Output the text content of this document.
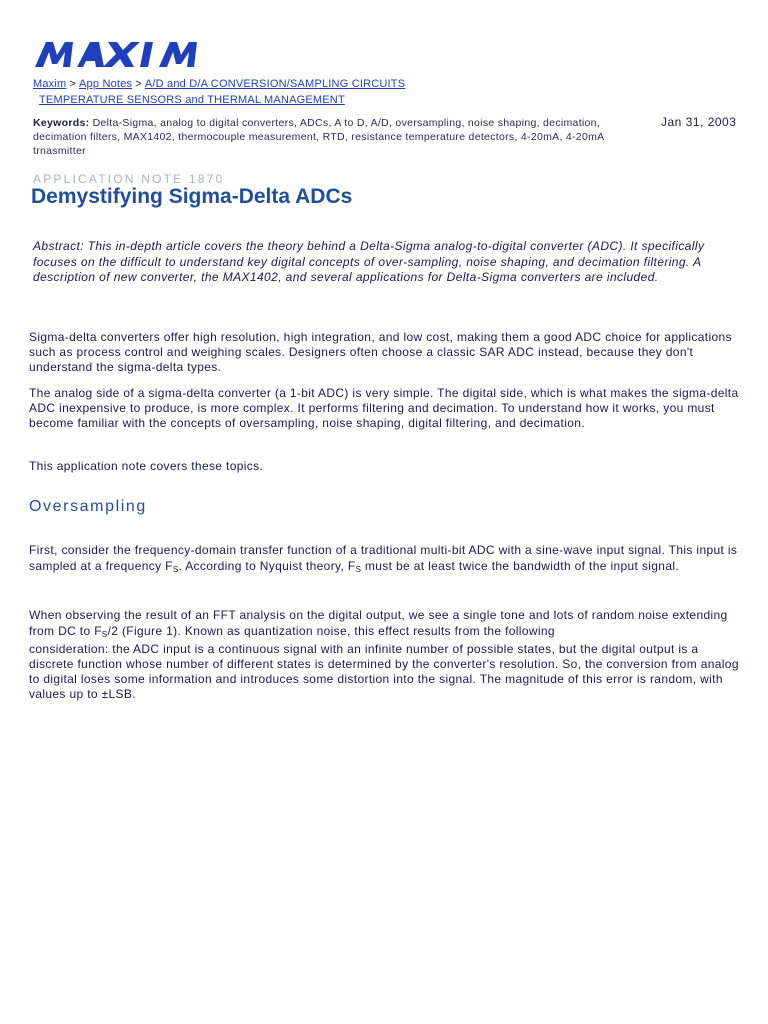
Maxim > App Notes > A/D and D/A CONVERSION/SAMPLING CIRCUITS
TEMPERATURE SENSORS and THERMAL MANAGEMENT
Keywords: Delta-Sigma, analog to digital converters, ADCs, A to D, A/D, oversampling, noise shaping, decimation, decimation filters, MAX1402, thermocouple measurement, RTD, resistance temperature detectors, 4-20mA, 4-20mA trnasmitter
Jan 31, 2003
APPLICATION NOTE 1870
Demystifying Sigma-Delta ADCs
Abstract: This in-depth article covers the theory behind a Delta-Sigma analog-to-digital converter (ADC). It specifically focuses on the difficult to understand key digital concepts of over-sampling, noise shaping, and decimation filtering. A description of new converter, the MAX1402, and several applications for Delta-Sigma converters are included.

Sigma-delta converters offer high resolution, high integration, and low cost, making them a good ADC choice for applications such as process control and weighing scales. Designers often choose a classic SAR ADC instead, because they don't understand the sigma-delta types.

The analog side of a sigma-delta converter (a 1-bit ADC) is very simple. The digital side, which is what makes the sigma-delta ADC inexpensive to produce, is more complex. It performs filtering and decimation. To understand how it works, you must become familiar with the concepts of oversampling, noise shaping, digital filtering, and decimation.

This application note covers these topics.

Oversampling

First, consider the frequency-domain transfer function of a traditional multi-bit ADC with a sine-wave input signal. This input is sampled at a frequency $F_S$. According to Nyquist theory, $F_S$ must be at least twice the bandwidth of the input signal.

When observing the result of an FFT analysis on the digital output, we see a single tone and lots of random noise extending from DC to $F_S/2$ (Figure 1). Known as quantization noise, this effect results from the following

consideration: the ADC input is a continuous signal with an infinite number of possible states, but the digital output is a discrete function whose number of different states is determined by the converter's resolution. So, the conversion from analog to digital loses some information and introduces some distortion into the signal. The magnitude of this error is random, with values up to ±LSB.
